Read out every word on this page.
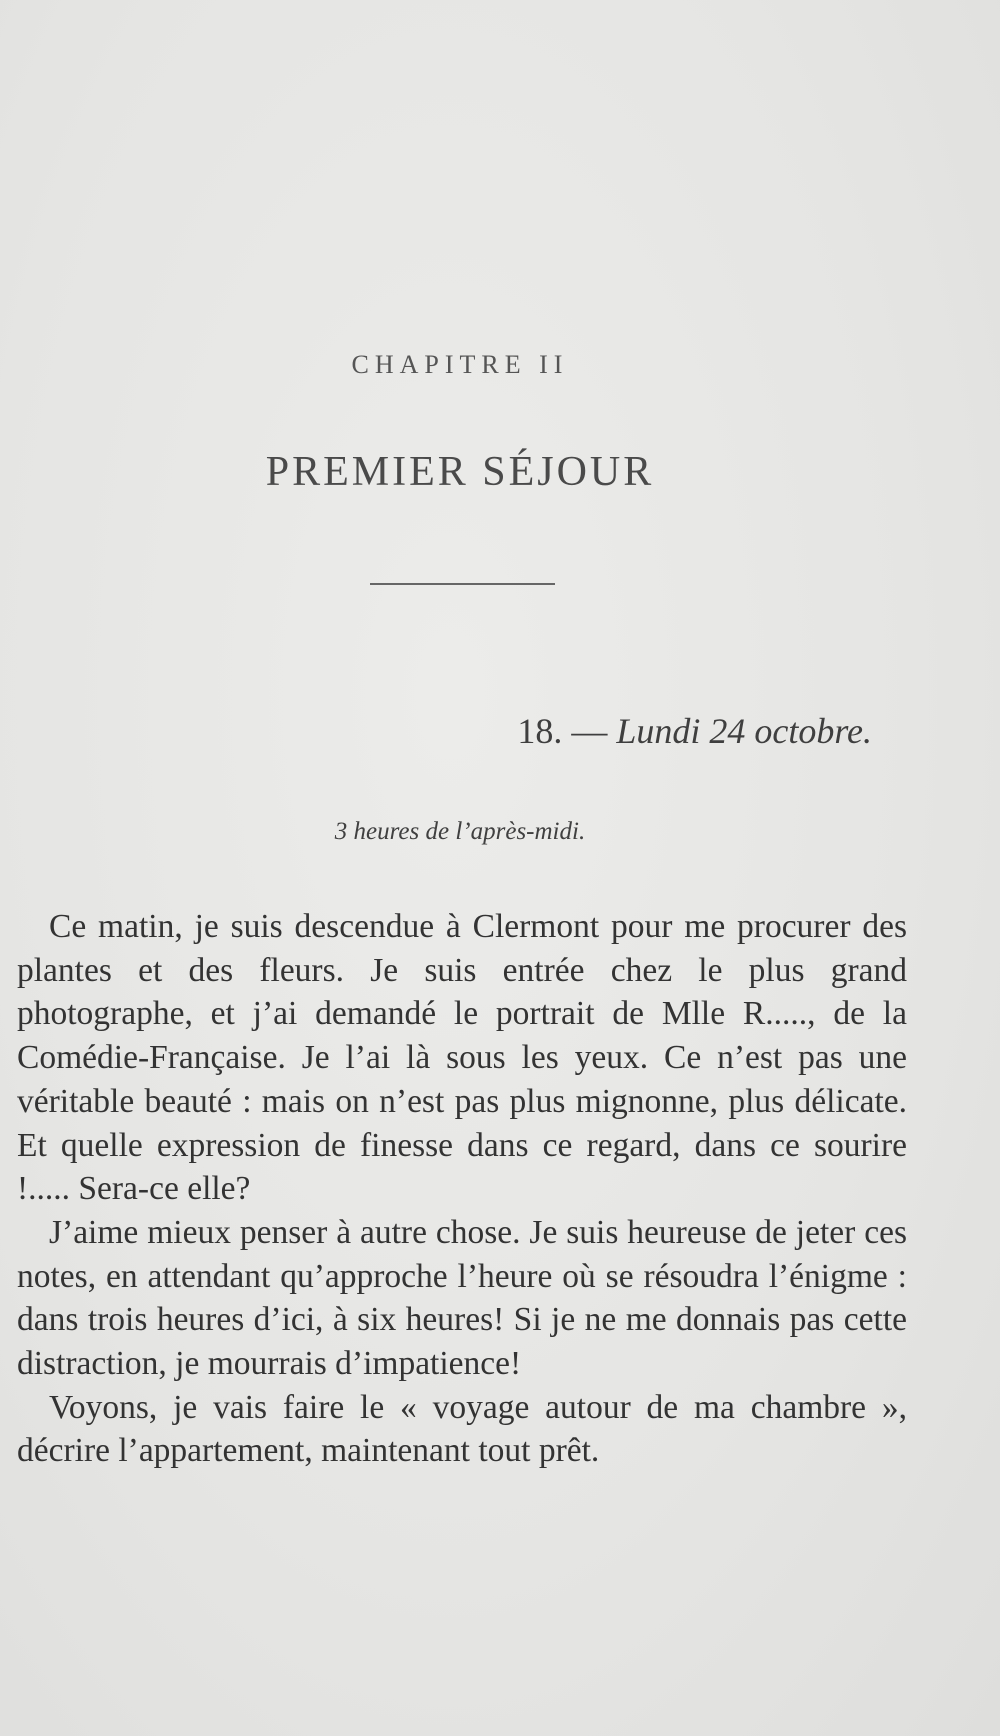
CHAPITRE II
PREMIER SÉJOUR
18. — Lundi 24 octobre.
3 heures de l’après-midi.

Ce matin, je suis descendue à Clermont pour me procurer des plantes et des fleurs. Je suis entrée chez le plus grand photographe, et j’ai demandé le portrait de Mlle R....., de la Comédie-Française. Je l’ai là sous les yeux. Ce n’est pas une véritable beauté : mais on n’est pas plus mignonne, plus délicate. Et quelle expression de finesse dans ce regard, dans ce sourire !..... Sera-ce elle?

J’aime mieux penser à autre chose. Je suis heureuse de jeter ces notes, en attendant qu’approche l’heure où se résoudra l’énigme : dans trois heures d’ici, à six heures! Si je ne me donnais pas cette distraction, je mourrais d’impatience!

Voyons, je vais faire le « voyage autour de ma chambre », décrire l’appartement, maintenant tout prêt.
